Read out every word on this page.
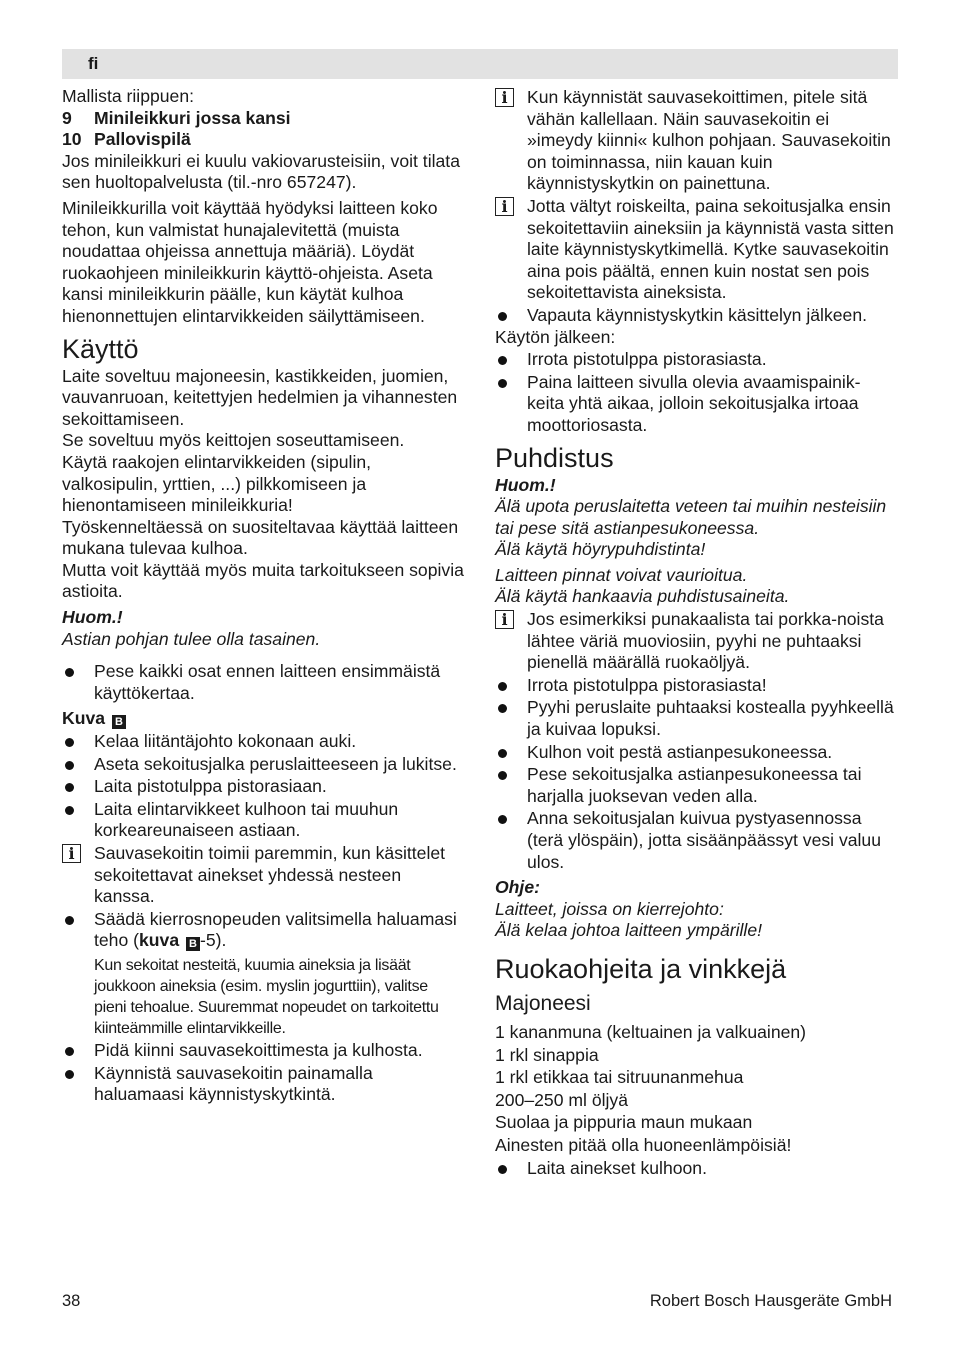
fi

Mallista riippuen:

9	Minileikkuri jossa kansi
10 Pallovispilä

Jos minileikkuri ei kuulu vakiovarusteisiin, voit tilata sen huoltopalvelusta (til.-nro 657247).

Minileikkurilla voit käyttää hyödyksi laitteen koko tehon, kun valmistat hunajalevitettä (muista noudattaa ohjeissa annettuja määriä). Löydät ruokaohjeen minileikkurin käyttö-ohjeista. Aseta kansi minileikkurin päälle, kun käytät kulhoa hienonnettujen elintarvikkeiden säilyttämiseen.

Käyttö

Laite soveltuu majoneesin, kastikkeiden, juomien, vauvanruoan, keitettyjen hedelmien ja vihannesten sekoittamiseen.

Se soveltuu myös keittojen soseuttamiseen.

Käytä raakojen elintarvikkeiden (sipulin, valkosipulin, yrttien, ...) pilkkomiseen ja hienontamiseen minileikkuria!

Työskenneltäessä on suositeltavaa käyttää laitteen mukana tulevaa kulhoa.

Mutta voit käyttää myös muita tarkoitukseen sopivia astioita.

Huom.!

Astian pohjan tulee olla tasainen.

Pese kaikki osat ennen laitteen ensimmäistä käyttökertaa.

Kuva B

Kelaa liitäntäjohto kokonaan auki.
Aseta sekoitusjalka peruslaitteeseen ja lukitse.
Laita pistotulppa pistorasiaan.
Laita elintarvikkeet kulhoon tai muuhun korkeareunaiseen astiaan.
i	Sauvasekoitin toimii paremmin, kun käsittelet sekoitettavat ainekset yhdessä nesteen kanssa.
Säädä kierrosnopeuden valitsimella haluamasi teho (kuva B -5).

Kun sekoitat nesteitä, kuumia aineksia ja lisäät joukkoon aineksia (esim. myslin jogurttiin), valitse pieni tehoalue. Suuremmat nopeudet on tarkoitettu kiinteämmille elintarvikkeille.

Pidä kiinni sauvasekoittimesta ja kulhosta.
Käynnistä sauvasekoitin painamalla haluamaasi käynnistyskytkintä.
i	Kun käynnistät sauvasekoittimen, pitele sitä vähän kallellaan. Näin sauvasekoitin ei »imeydy kiinni« kulhon pohjaan. Sauvasekoitin on toiminnassa, niin kauan kuin käynnistyskytkin on painettuna.
i	Jotta vältyt roiskeilta, paina sekoitusjalka ensin sekoitettaviin aineksiin ja käynnistä vasta sitten laite käynnistyskytkimellä. Kytke sauvasekoitin aina pois päältä, ennen kuin nostat sen pois sekoitettavista aineksista.
Vapauta käynnistyskytkin käsittelyn jälkeen.

Käytön jälkeen:

Irrota pistotulppa pistorasiasta.
Paina laitteen sivulla olevia avaamispainik-keita yhtä aikaa, jolloin sekoitusjalka irtoaa moottoriosasta.
Puhdistus

Huom.!

Älä upota peruslaitetta veteen tai muihin nesteisiin tai pese sitä astianpesukoneessa.

Älä käytä höyrypuhdistinta!

Laitteen pinnat voivat vaurioitua.

Älä käytä hankaavia puhdistusaineita.

i	Jos esimerkiksi punakaalista tai porkka-noista lähtee väriä muoviosiin, pyyhi ne puhtaaksi pienellä määrällä ruokaöljyä.
Irrota pistotulppa pistorasiasta!
Pyyhi peruslaite puhtaaksi kostealla pyyhkeellä ja kuivaa lopuksi.
Kulhon voit pestä astianpesukoneessa.
Pese sekoitusjalka astianpesukoneessa tai harjalla juoksevan veden alla.
Anna sekoitusjalan kuivua pystyasennossa (terä ylöspäin), jotta sisäänpäässyt vesi valuu ulos.

Ohje:

Laitteet, joissa on kierrejohto:

Älä kelaa johtoa laitteen ympärille!

Ruokaohjeita ja vinkkejä
Majoneesi

1 kananmuna (keltuainen ja valkuainen)

1 rkl sinappia

1 rkl etikkaa tai sitruunanmehua

200–250 ml öljyä

Suolaa ja pippuria maun mukaan

Ainesten pitää olla huoneenlämpöisiä!

Laita ainekset kulhoon.
38	Robert Bosch Hausgeräte GmbH
